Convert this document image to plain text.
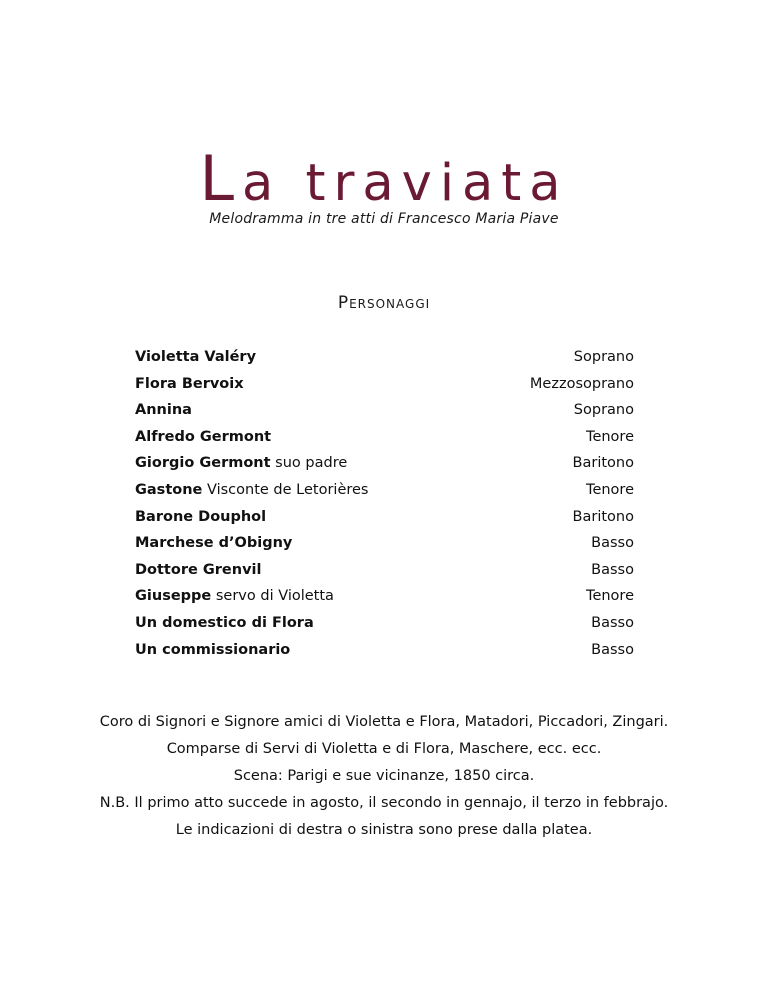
La traviata
Melodramma in tre atti di Francesco Maria Piave
PERSONAGGI
Violetta Valéry	Soprano
Flora Bervoix	Mezzosoprano
Annina	Soprano
Alfredo Germont	Tenore
Giorgio Germont suo padre	Baritono
Gastone Visconte de Letorières	Tenore
Barone Douphol	Baritono
Marchese d’Obigny	Basso
Dottore Grenvil	Basso
Giuseppe servo di Violetta	Tenore
Un domestico di Flora	Basso
Un commissionario	Basso

Coro di Signori e Signore amici di Violetta e Flora, Matadori, Piccadori, Zingari.

Comparse di Servi di Violetta e di Flora, Maschere, ecc. ecc.

Scena: Parigi e sue vicinanze, 1850 circa.

N.B. Il primo atto succede in agosto, il secondo in gennajo, il terzo in febbrajo.

Le indicazioni di destra o sinistra sono prese dalla platea.
